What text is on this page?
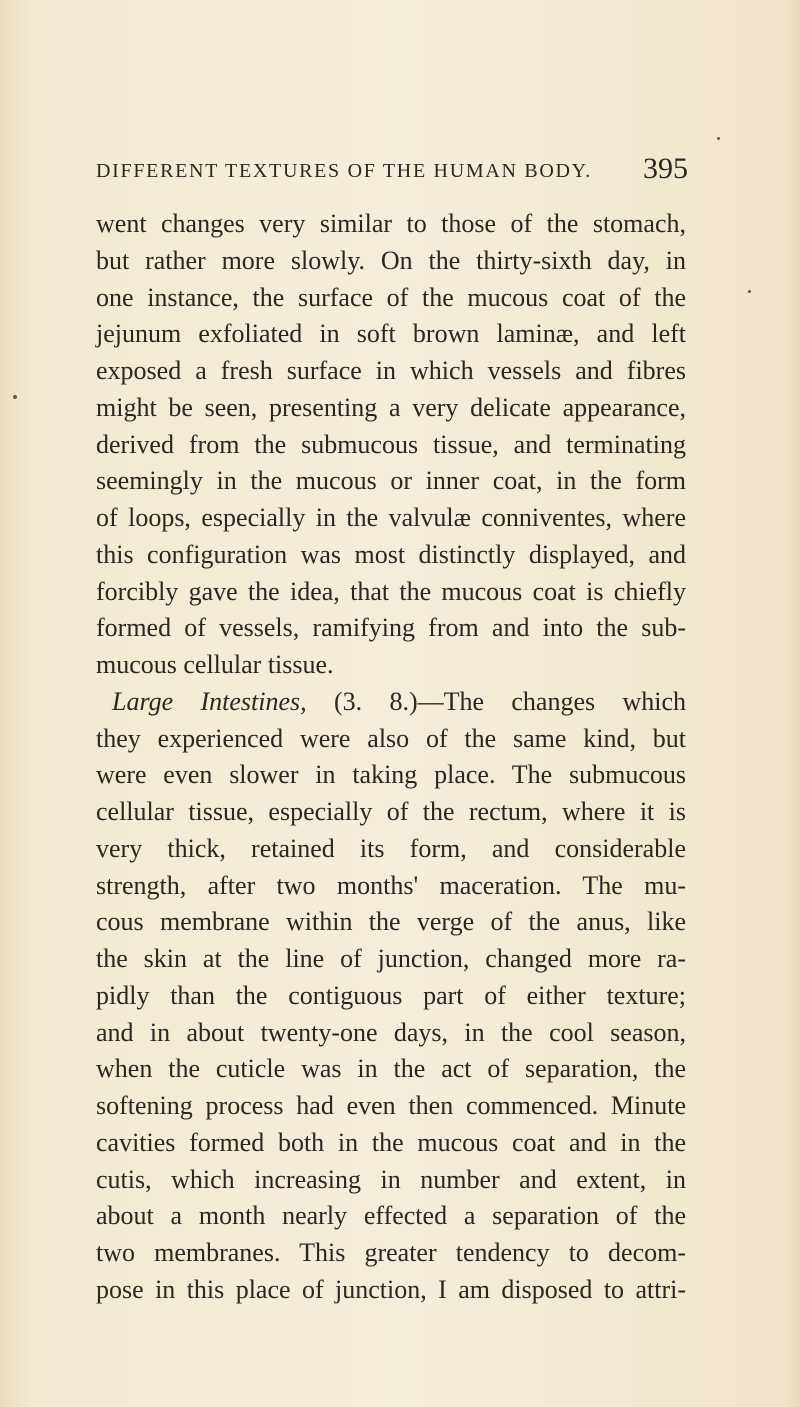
DIFFERENT TEXTURES OF THE HUMAN BODY. 395
went changes very similar to those of the stomach,
but rather more slowly. On the thirty-sixth day, in
one instance, the surface of the mucous coat of the
jejunum exfoliated in soft brown laminæ, and left
exposed a fresh surface in which vessels and fibres
might be seen, presenting a very delicate appearance,
derived from the submucous tissue, and terminating
seemingly in the mucous or inner coat, in the form
of loops, especially in the valvulæ conniventes, where
this configuration was most distinctly displayed, and
forcibly gave the idea, that the mucous coat is chiefly
formed of vessels, ramifying from and into the sub-
mucous cellular tissue.
Large Intestines, (3. 8.)—The changes which
they experienced were also of the same kind, but
were even slower in taking place. The submucous
cellular tissue, especially of the rectum, where it is
very thick, retained its form, and considerable
strength, after two months' maceration. The mu-
cous membrane within the verge of the anus, like
the skin at the line of junction, changed more ra-
pidly than the contiguous part of either texture;
and in about twenty-one days, in the cool season,
when the cuticle was in the act of separation, the
softening process had even then commenced. Minute
cavities formed both in the mucous coat and in the
cutis, which increasing in number and extent, in
about a month nearly effected a separation of the
two membranes. This greater tendency to decom-
pose in this place of junction, I am disposed to attri-
